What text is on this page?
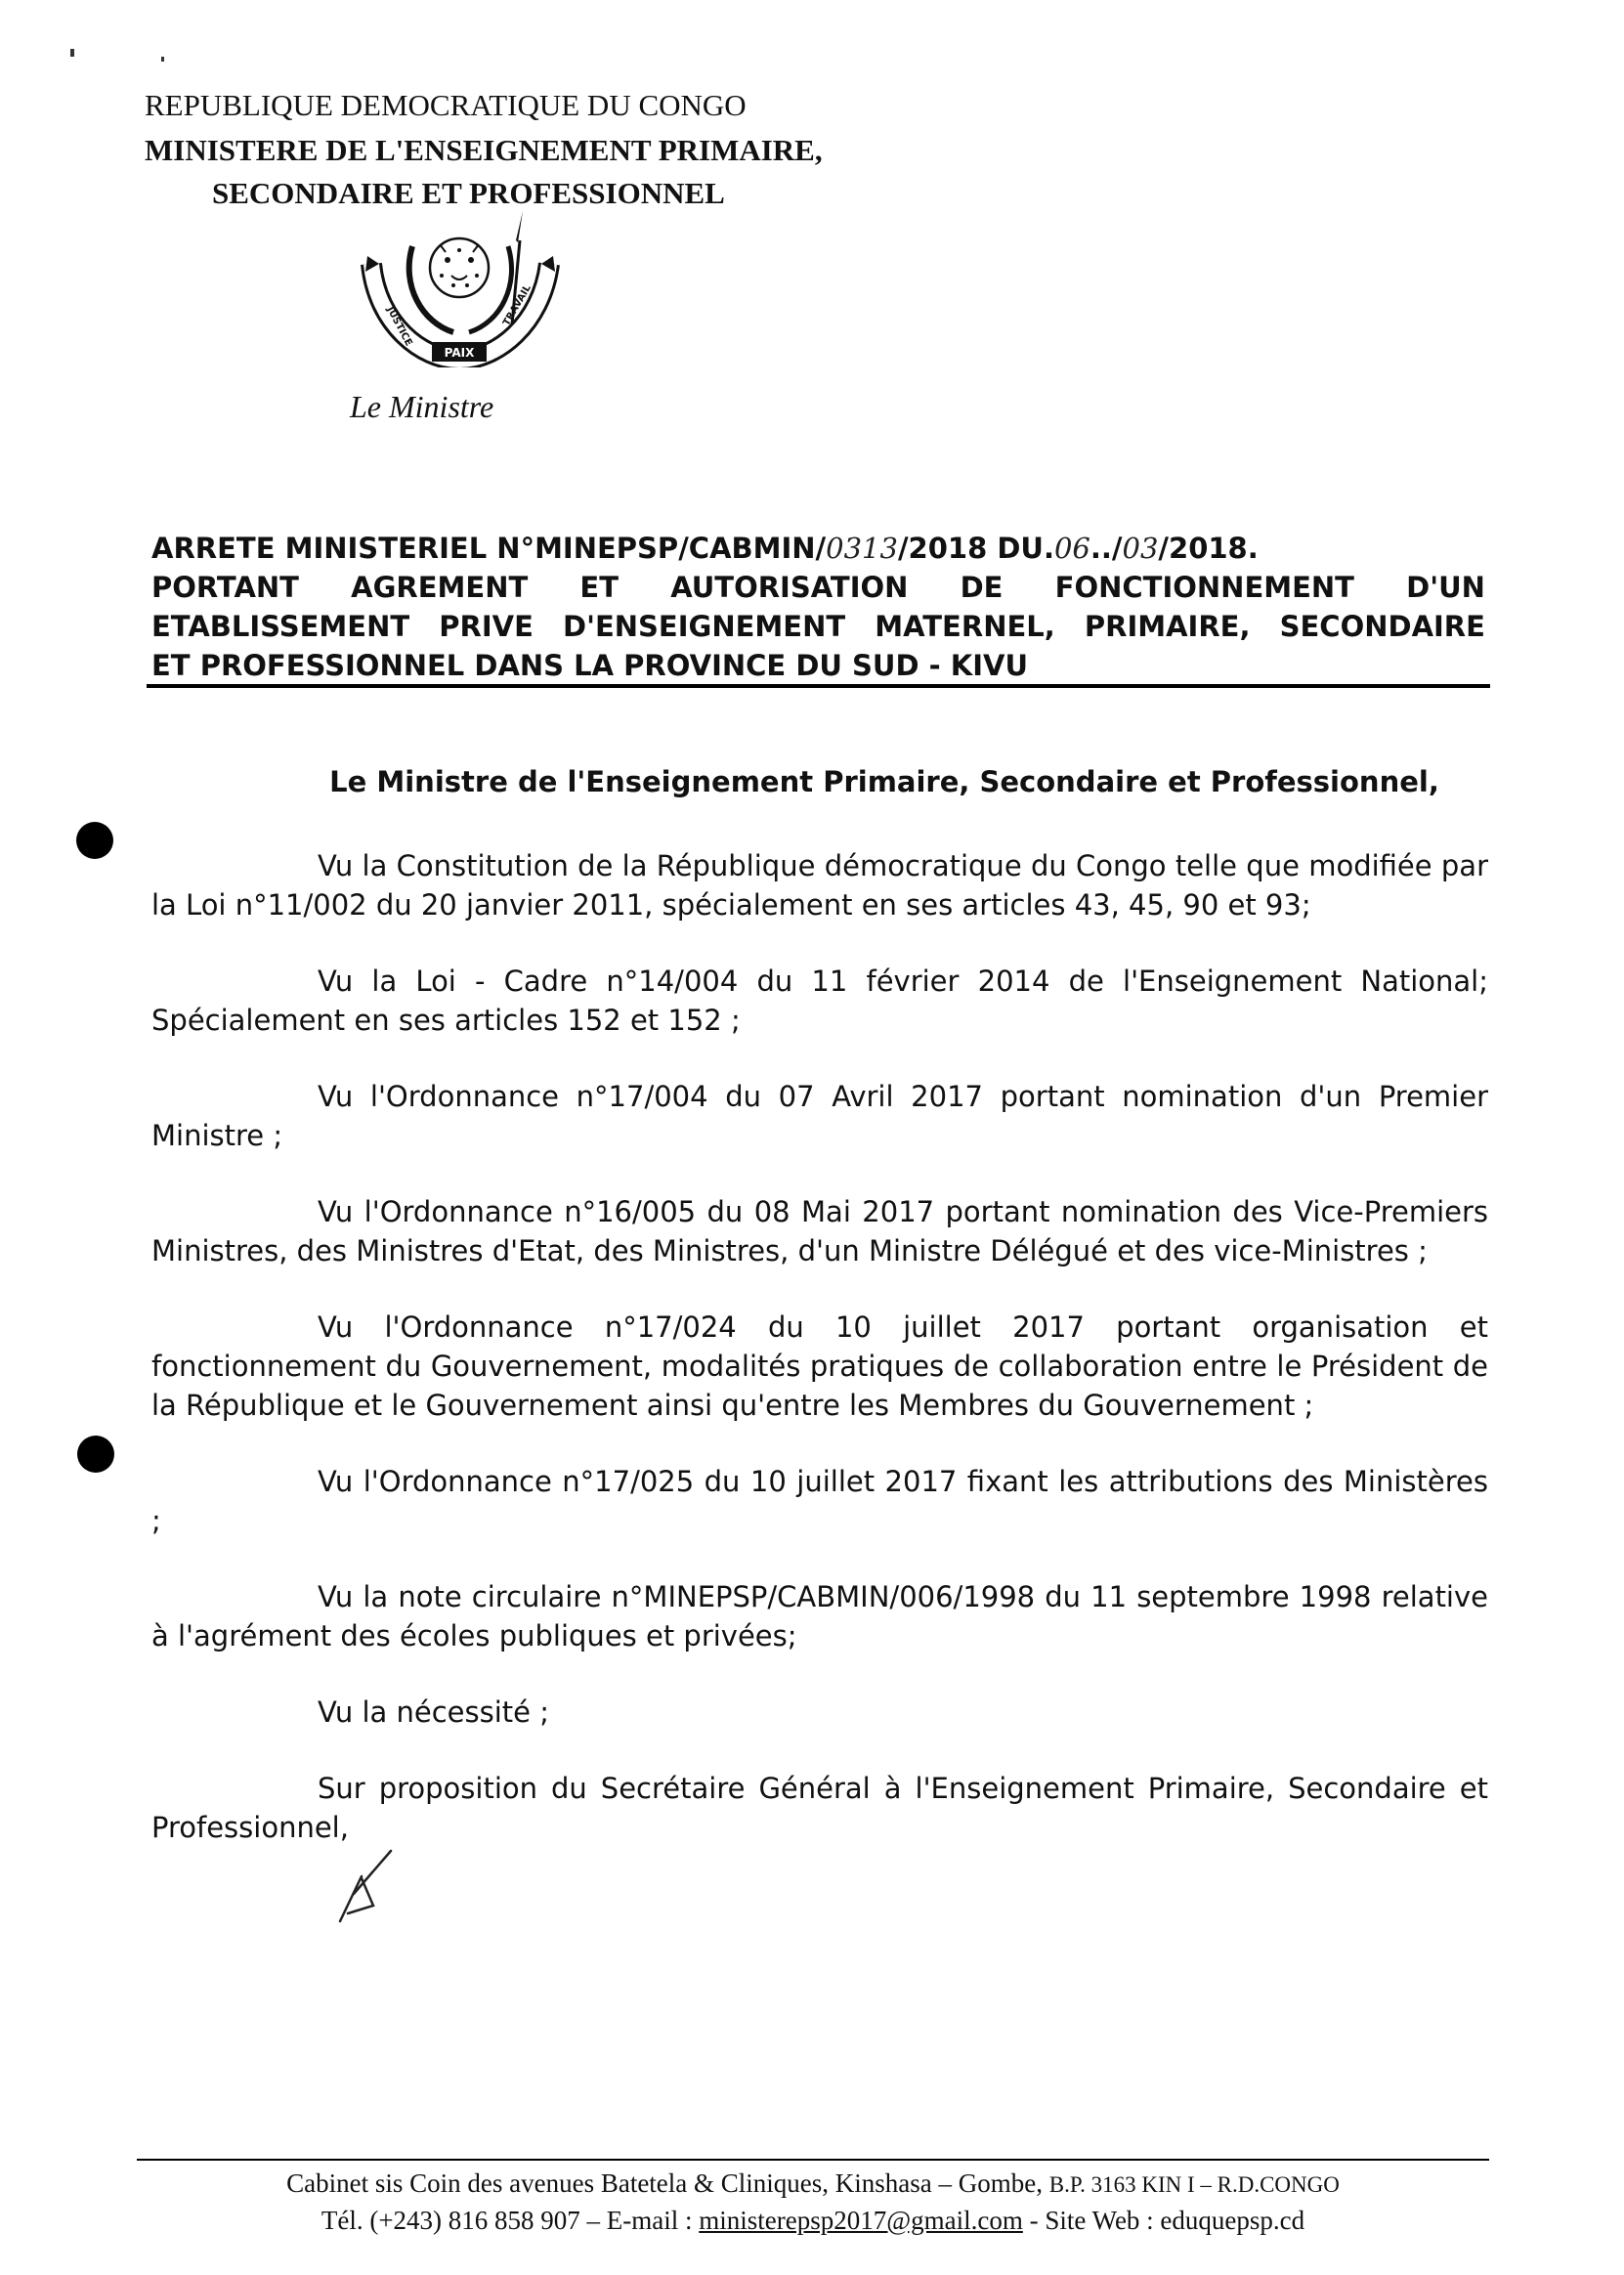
REPUBLIQUE DEMOCRATIQUE DU CONGO
MINISTERE DE L'ENSEIGNEMENT PRIMAIRE,
SECONDAIRE ET PROFESSIONNEL
PAIX
JUSTICE	TRAVAIL
Le Ministre
ARRETE MINISTERIEL N°MINEPSP/CABMIN/ 0313 /2018 DU. 06 ../ 03 /2018.
PORTANT AGREMENT ET AUTORISATION DE FONCTIONNEMENT D'UN
ETABLISSEMENT PRIVE D'ENSEIGNEMENT MATERNEL, PRIMAIRE, SECONDAIRE
ET PROFESSIONNEL DANS LA PROVINCE DU SUD - KIVU
Le Ministre de l'Enseignement Primaire, Secondaire et Professionnel,

Vu la Constitution de la République démocratique du Congo telle que modifiée par la Loi n°11/002 du 20 janvier 2011, spécialement en ses articles 43, 45, 90 et 93;

Vu la Loi - Cadre n°14/004 du 11 février 2014 de l'Enseignement National; Spécialement en ses articles 152 et 152 ;

Vu l'Ordonnance n°17/004 du 07 Avril 2017 portant nomination d'un Premier Ministre ;

Vu l'Ordonnance n°16/005 du 08 Mai 2017 portant nomination des Vice-Premiers Ministres, des Ministres d'Etat, des Ministres, d'un Ministre Délégué et des vice-Ministres ;

Vu l'Ordonnance n°17/024 du 10 juillet 2017 portant organisation et fonctionnement du Gouvernement, modalités pratiques de collaboration entre le Président de la République et le Gouvernement ainsi qu'entre les Membres du Gouvernement ;

Vu l'Ordonnance n°17/025 du 10 juillet 2017 fixant les attributions des Ministères ;

Vu la note circulaire n°MINEPSP/CABMIN/006/1998 du 11 septembre 1998 relative à l'agrément des écoles publiques et privées;

Vu la nécessité ;

Sur proposition du Secrétaire Général à l'Enseignement Primaire, Secondaire et Professionnel,

Cabinet sis Coin des avenues Batetela & Cliniques, Kinshasa – Gombe, B.P. 3163 KIN I – R.D.CONGO
Tél. (+243) 816 858 907 – E-mail : ministerepsp2017@gmail.com - Site Web : eduquepsp.cd
